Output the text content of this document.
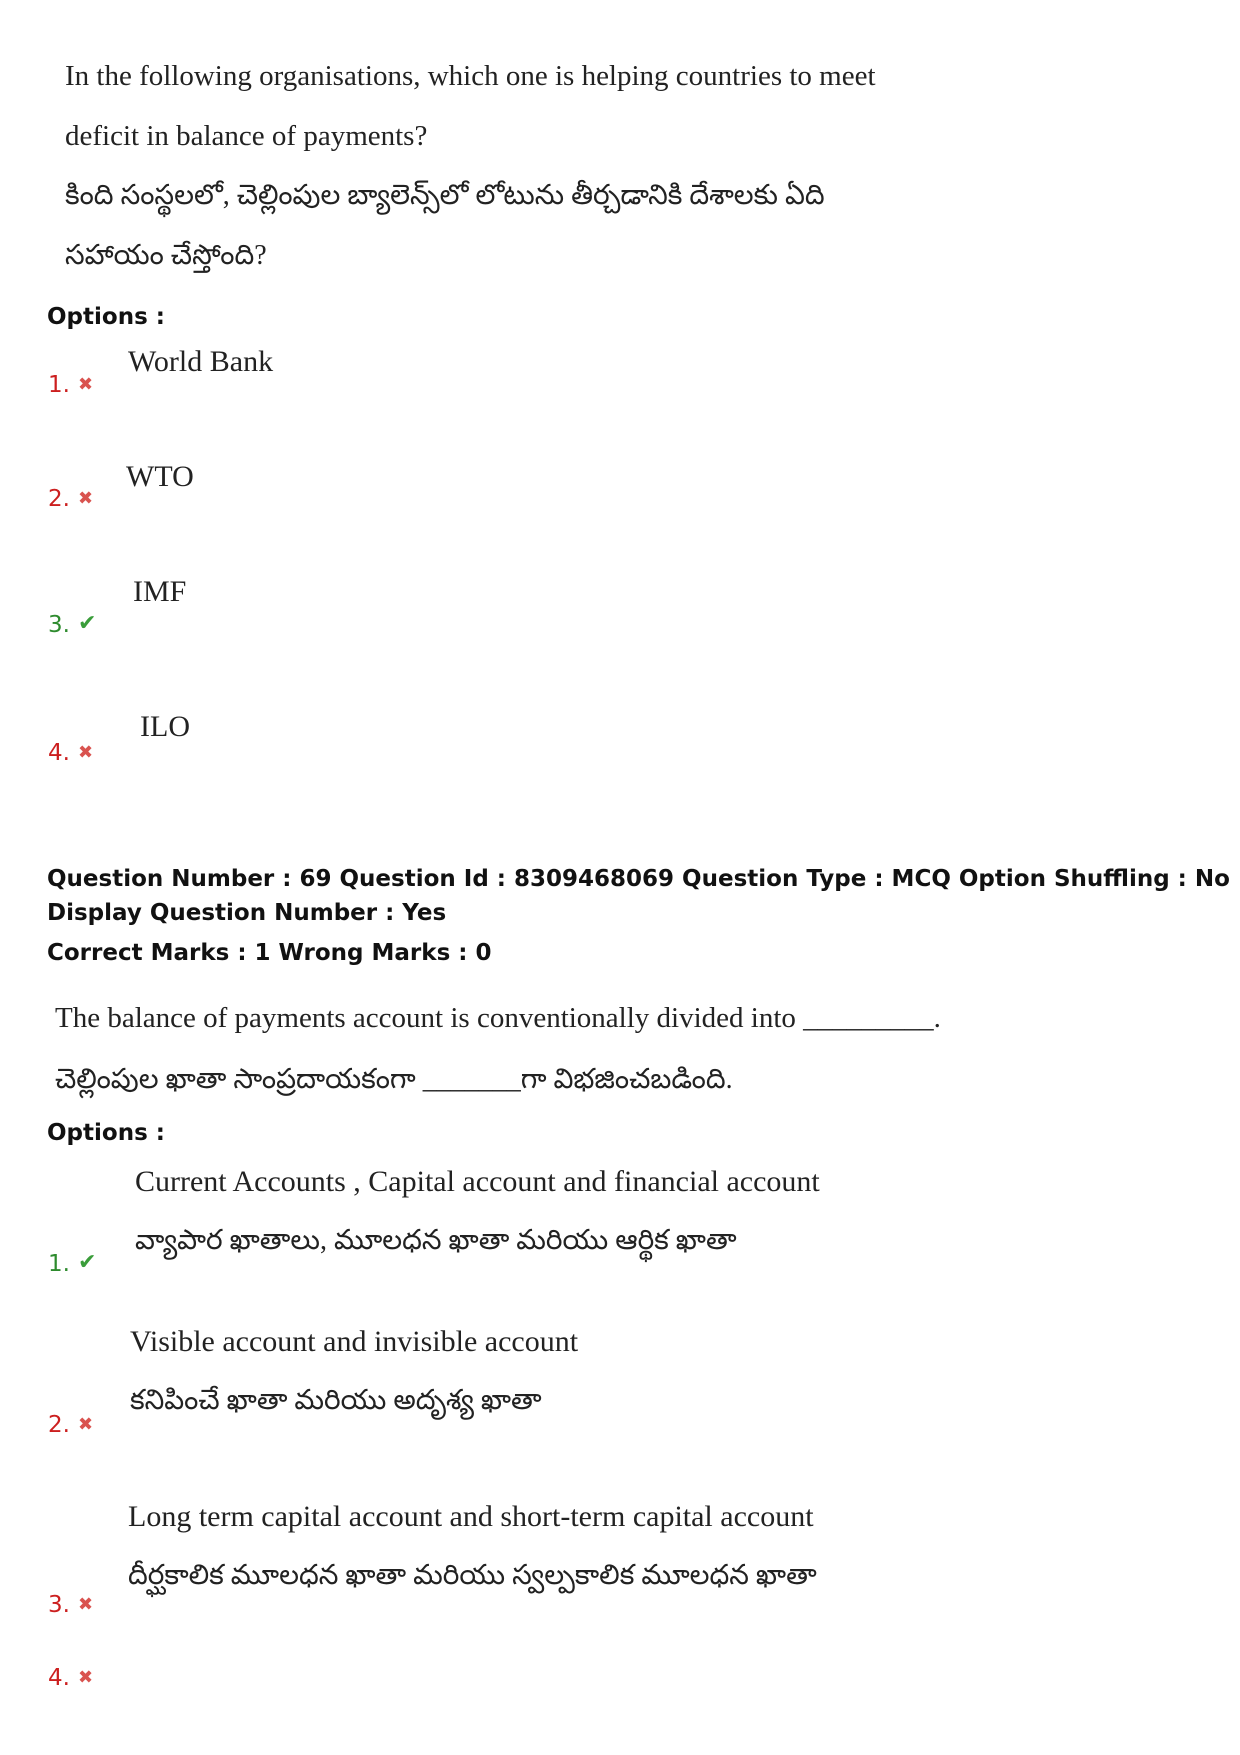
In the following organisations, which one is helping countries to meet
deficit in balance of payments?
కింది సంస్థలలో, చెల్లింపుల బ్యాలెన్స్‌లో లోటును తీర్చడానికి దేశాలకు ఏది
సహాయం చేస్తోంది?
Options :
1. ✖
World Bank
2. ✖
WTO
3. ✔
IMF
4. ✖
ILO
Question Number : 69 Question Id : 8309468069 Question Type : MCQ Option Shuffling : No
Display Question Number : Yes
Correct Marks : 1 Wrong Marks : 0
The balance of payments account is conventionally divided into _________.
చెల్లింపుల ఖాతా సాంప్రదాయకంగా _______గా విభజించబడింది.
Options :
Current Accounts , Capital account and financial account
వ్యాపార ఖాతాలు, మూలధన ఖాతా మరియు ఆర్థిక ఖాతా
1. ✔
Visible account and invisible account
కనిపించే ఖాతా మరియు అదృశ్య ఖాతా
2. ✖
Long term capital account and short-term capital account
దీర్ఘకాలిక మూలధన ఖాతా మరియు స్వల్పకాలిక మూలధన ఖాతా
3. ✖
4. ✖
